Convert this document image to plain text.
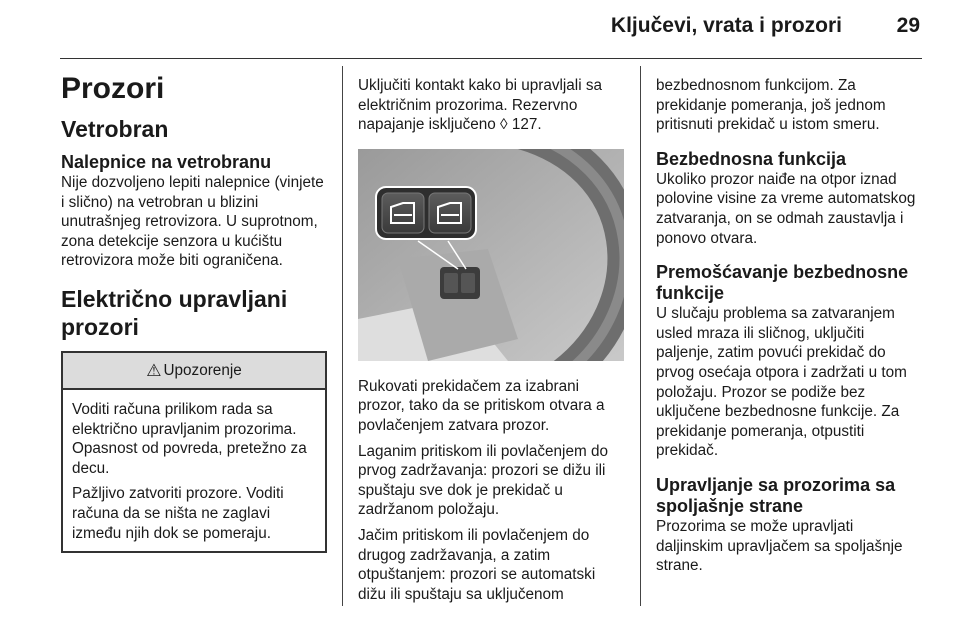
Ključevi, vrata i prozori	29
Prozori
Vetrobran
Nalepnice na vetrobranu

Nije dozvoljeno lepiti nalepnice (vinjete i slično) na vetrobran u blizini unutrašnjeg retrovizora. U suprotnom, zona detekcije senzora u kućištu retrovizora može biti ograničena.

Električno upravljani prozori
⚠ Upozorenje

Voditi računa prilikom rada sa električno upravljanim prozorima. Opasnost od povreda, pretežno za decu.

Pažljivo zatvoriti prozore. Voditi računa da se ništa ne zaglavi između njih dok se pomeraju.

Uključiti kontakt kako bi upravljali sa električnim prozorima. Rezervno napajanje isključeno ◊ 127.

Rukovati prekidačem za izabrani prozor, tako da se pritiskom otvara a povlačenjem zatvara prozor.

Laganim pritiskom ili povlačenjem do prvog zadržavanja: prozori se dižu ili spuštaju sve dok je prekidač u zadržanom položaju.

Jačim pritiskom ili povlačenjem do drugog zadržavanja, a zatim otpuštanjem: prozori se automatski dižu ili spuštaju sa uključenom

bezbednosnom funkcijom. Za prekidanje pomeranja, još jednom pritisnuti prekidač u istom smeru.

Bezbednosna funkcija

Ukoliko prozor naiđe na otpor iznad polovine visine za vreme automatskog zatvaranja, on se odmah zaustavlja i ponovo otvara.

Premošćavanje bezbednosne funkcije

U slučaju problema sa zatvaranjem usled mraza ili sličnog, uključiti paljenje, zatim povući prekidač do prvog osećaja otpora i zadržati u tom položaju. Prozor se podiže bez uključene bezbednosne funkcije. Za prekidanje pomeranja, otpustiti prekidač.

Upravljanje sa prozorima sa spoljašnje strane

Prozorima se može upravljati daljinskim upravljačem sa spoljašnje strane.
